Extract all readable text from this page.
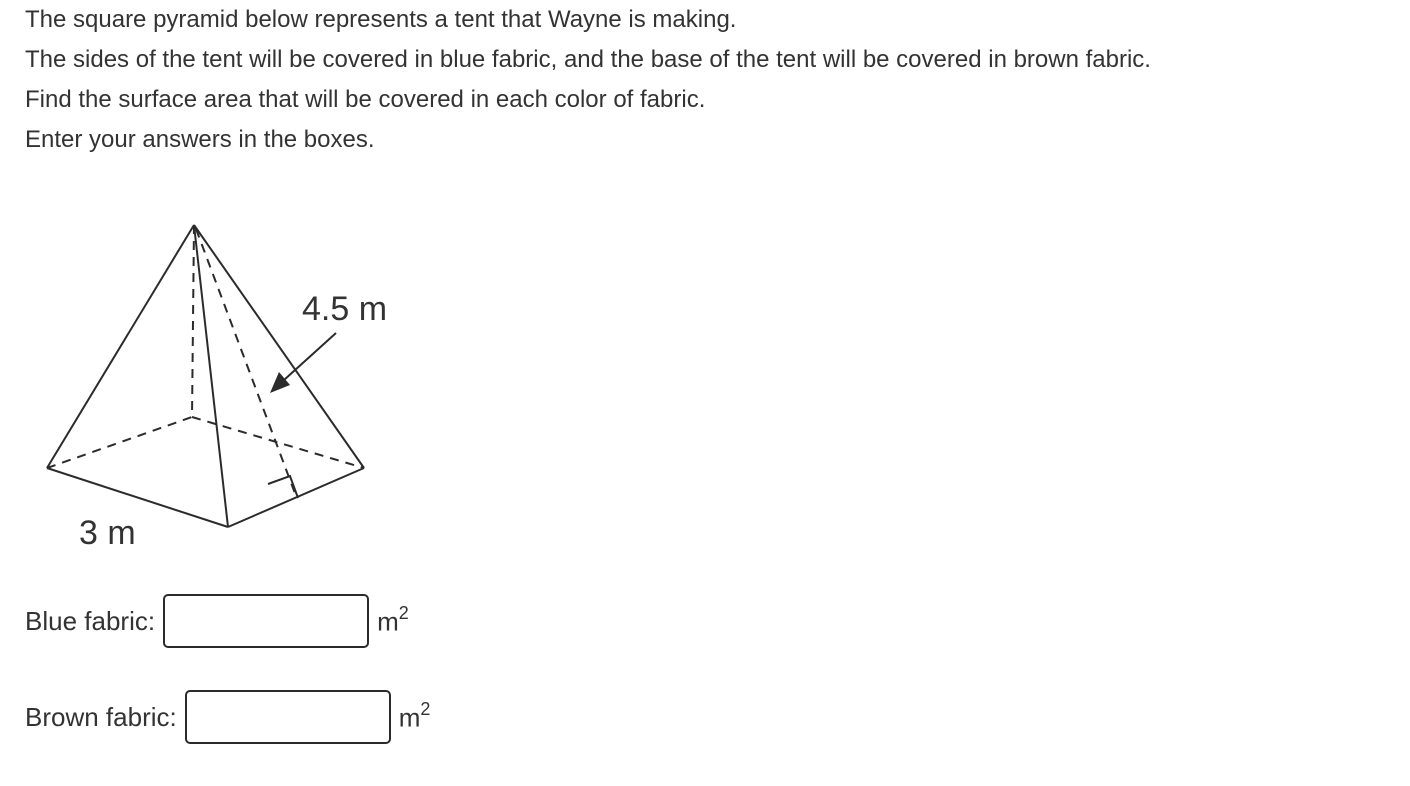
The square pyramid below represents a tent that Wayne is making.

The sides of the tent will be covered in blue fabric, and the base of the tent will be covered in brown fabric.

Find the surface area that will be covered in each color of fabric.

Enter your answers in the boxes.

4.5 m
3 m
Blue fabric:	$m^2$
Brown fabric:	$m^2$
